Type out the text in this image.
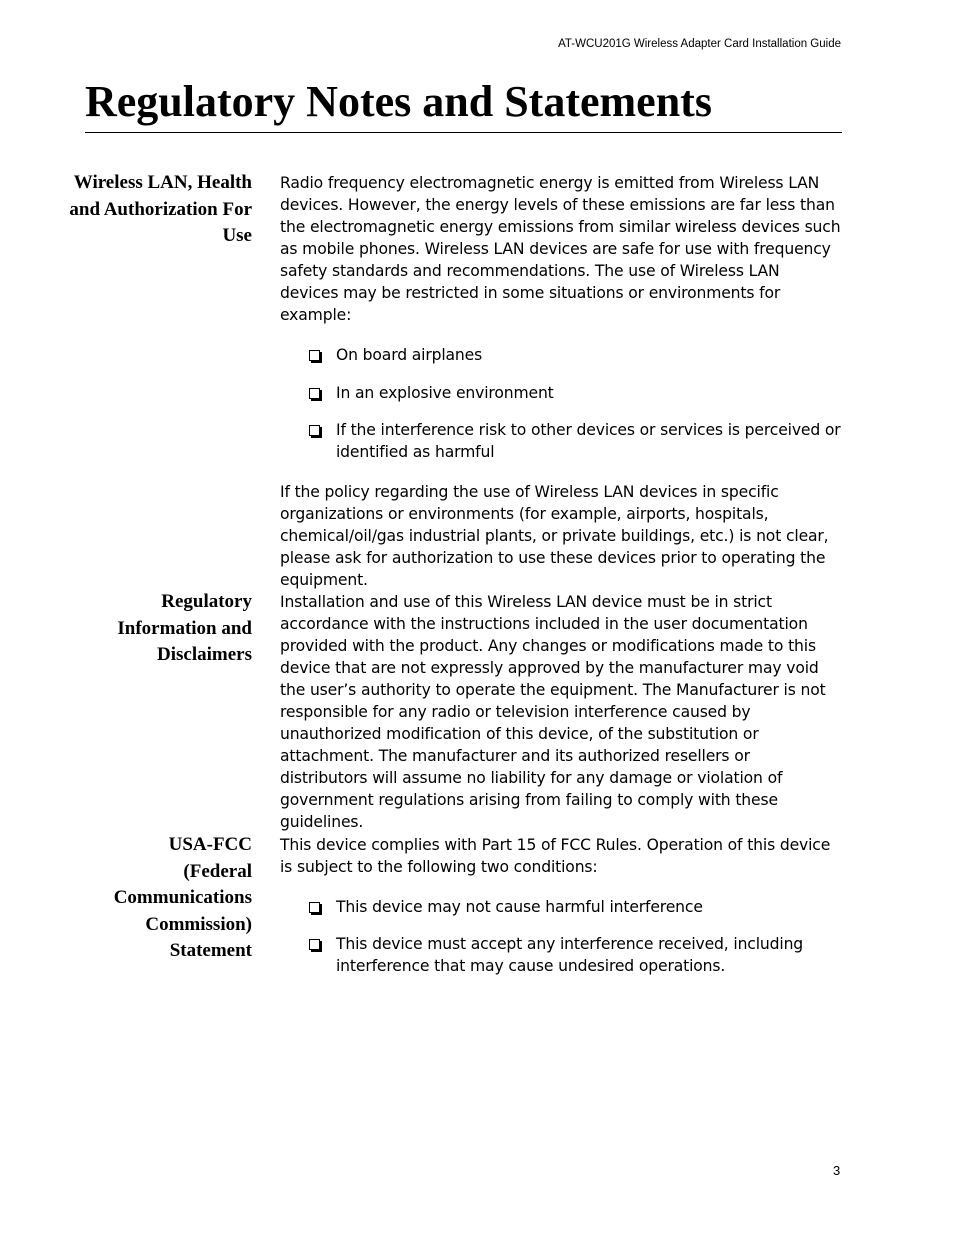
AT-WCU201G Wireless Adapter Card Installation Guide
Regulatory Notes and Statements
Wireless LAN, Health and Authorization For Use

Radio frequency electromagnetic energy is emitted from Wireless LAN devices. However, the energy levels of these emissions are far less than the electromagnetic energy emissions from similar wireless devices such as mobile phones. Wireless LAN devices are safe for use with frequency safety standards and recommendations. The use of Wireless LAN devices may be restricted in some situations or environments for example:

On board airplanes
In an explosive environment
If the interference risk to other devices or services is perceived or identified as harmful

If the policy regarding the use of Wireless LAN devices in specific organizations or environments (for example, airports, hospitals, chemical/oil/gas industrial plants, or private buildings, etc.) is not clear, please ask for authorization to use these devices prior to operating the equipment.

Regulatory Information and Disclaimers

Installation and use of this Wireless LAN device must be in strict accordance with the instructions included in the user documentation provided with the product. Any changes or modifications made to this device that are not expressly approved by the manufacturer may void the user’s authority to operate the equipment. The Manufacturer is not responsible for any radio or television interference caused by unauthorized modification of this device, of the substitution or attachment. The manufacturer and its authorized resellers or distributors will assume no liability for any damage or violation of government regulations arising from failing to comply with these guidelines.

USA-FCC
(Federal Communications Commission) Statement

This device complies with Part 15 of FCC Rules. Operation of this device is subject to the following two conditions:

This device may not cause harmful interference
This device must accept any interference received, including interference that may cause undesired operations.
3
